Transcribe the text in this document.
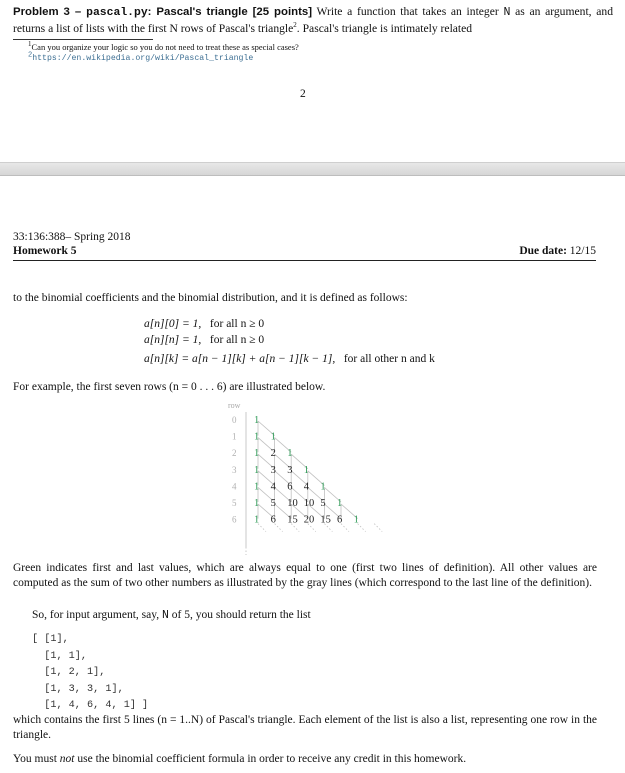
Problem 3 – pascal.py: Pascal's triangle [25 points] Write a function that takes an integer N as an argument, and returns a list of lists with the first N rows of Pascal's triangle$^2$. Pascal's triangle is intimately related
$^1$Can you organize your logic so you do not need to treat these as special cases?
$^2$https://en.wikipedia.org/wiki/Pascal_triangle
2
33:136:388– Spring 2018
Homework 5	Due date: 12/15
to the binomial coefficients and the binomial distribution, and it is defined as follows:
a[n][0] = 1, for all n ≥ 0
a[n][n] = 1, for all n ≥ 0
a[n][k] = a[n − 1][k] + a[n − 1][k − 1], for all other n and k
For example, the first seven rows (n = 0 . . . 6) are illustrated below.
row
0 1
1 1 1
2 1 2 1
3 1 3 3 1
4 1 4 6 4 1
5 1 5 10 10 5 1
6 1 6 15 20 15 6 1
Green indicates first and last values, which are always equal to one (first two lines of definition). All other values are computed as the sum of two other numbers as illustrated by the gray lines (which correspond to the last line of the definition).
So, for input argument, say, N of 5, you should return the list
[ [1],
[1, 1],
[1, 2, 1],
[1, 3, 3, 1],
[1, 4, 6, 4, 1] ]
which contains the first 5 lines (n = 1..N) of Pascal's triangle. Each element of the list is also a list, representing one row in the triangle.
You must not use the binomial coefficient formula in order to receive any credit in this homework.
